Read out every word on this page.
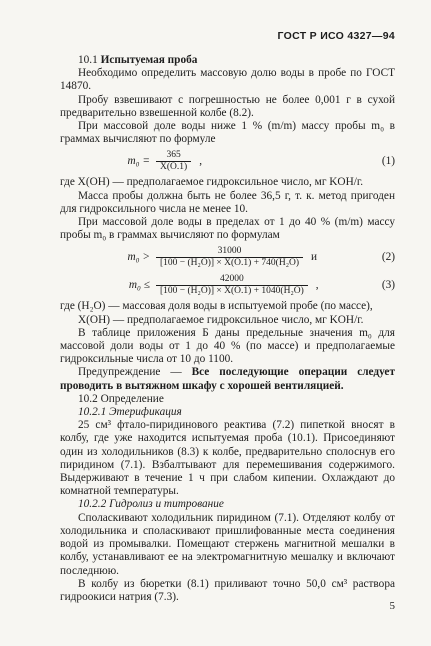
ГОСТ Р ИСО 4327—94

10.1 Испытуемая проба

Необходимо определить массовую долю воды в пробе по ГОСТ 14870.

Пробу взвешивают с погрешностью не более 0,001 г в сухой предварительно взвешенной колбе (8.2).

При массовой доле воды ниже 1 % (m/m) массу пробы m₀ в граммах вычисляют по формуле

$m_0 = \frac{365}{X(O.1)}$ ,	(1)

где X(OH) — предполагаемое гидроксильное число, мг KOH/г.

Масса пробы должна быть не более 36,5 г, т. к. метод пригоден для гидроксильного числа не менее 10.

При массовой доле воды в пределах от 1 до 40 % (m/m) массу пробы m₀ в граммах вычисляют по формулам

$m_0 > \frac{31000}{\text{[100 − (H₂O)] × X(O.1) + 740(H₂O)}}$ и	(2)
$m_0 \le \frac{42000}{\text{[100 − (H₂O)] × X(O.1) + 1040(H₂O)}}$ ,	(3)

где (H₂O) — массовая доля воды в испытуемой пробе (по массе),

X(OH) — предполагаемое гидроксильное число, мг KOH/г.

В таблице приложения Б даны предельные значения m₀ для массовой доли воды от 1 до 40 % (по массе) и предполагаемые гидроксильные числа от 10 до 1100.

Предупреждение — Все последующие операции следует проводить в вытяжном шкафу с хорошей вентиляцией.

10.2 Определение

10.2.1 Этерификация

25 см³ фтало-пиридинового реактива (7.2) пипеткой вносят в колбу, где уже находится испытуемая проба (10.1). Присоединяют один из холодильников (8.3) к колбе, предварительно сполоснув его пиридином (7.1). Взбалтывают для перемешивания содержимого. Выдерживают в течение 1 ч при слабом кипении. Охлаждают до комнатной температуры.

10.2.2 Гидролиз и титрование

Споласкивают холодильник пиридином (7.1). Отделяют колбу от холодильника и споласкивают пришлифованные места соединения водой из промывалки. Помещают стержень магнитной мешалки в колбу, устанавливают ее на электромагнитную мешалку и включают последнюю.

В колбу из бюретки (8.1) приливают точно 50,0 см³ раствора гидроокиси натрия (7.3).

5
